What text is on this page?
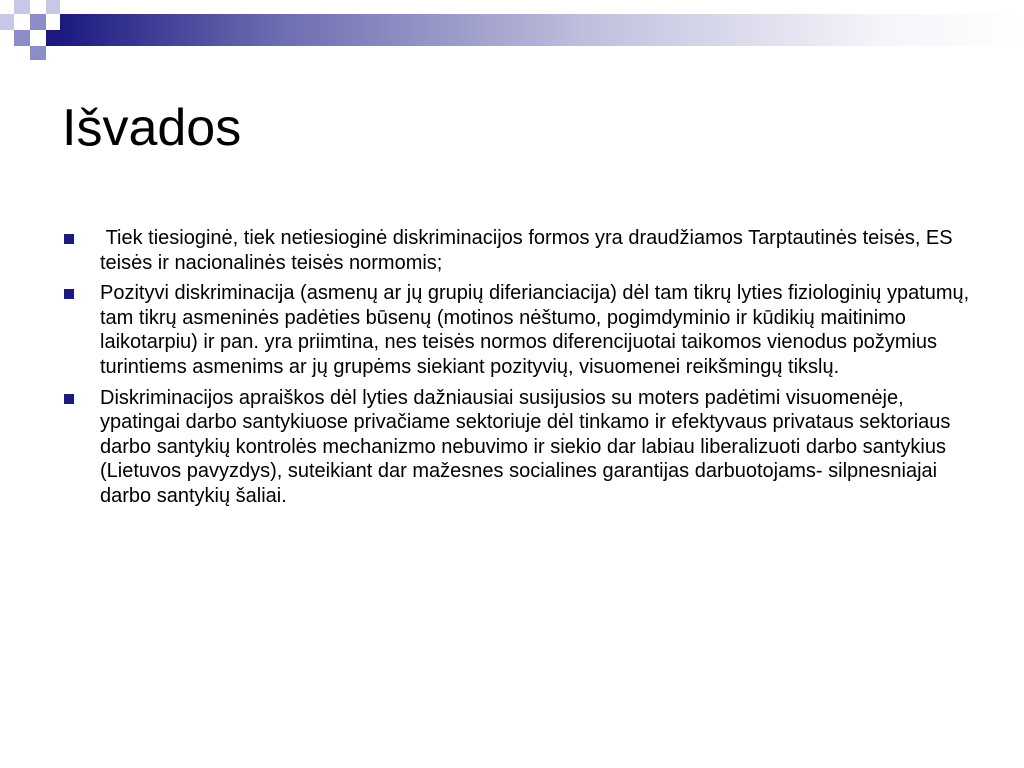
Išvados
Tiek tiesioginė, tiek netiesioginė diskriminacijos formos yra draudžiamos Tarptautinės teisės, ES teisės ir nacionalinės teisės normomis;
Pozityvi diskriminacija (asmenų ar jų grupių diferianciacija) dėl tam tikrų lyties fiziologinių ypatumų, tam tikrų asmeninės padėties būsenų (motinos nėštumo, pogimdyminio ir kūdikių maitinimo laikotarpiu) ir pan. yra priimtina, nes teisės normos diferencijuotai taikomos vienodus požymius turintiems asmenims ar jų grupėms siekiant pozityvių, visuomenei reikšmingų tikslų.
Diskriminacijos apraiškos dėl lyties dažniausiai susijusios su moters padėtimi visuomenėje, ypatingai darbo santykiuose privačiame sektoriuje dėl tinkamo ir efektyvaus privataus sektoriaus darbo santykių kontrolės mechanizmo nebuvimo ir siekio dar labiau liberalizuoti darbo santykius (Lietuvos pavyzdys), suteikiant dar mažesnes socialines garantijas darbuotojams- silpnesniajai darbo santykių šaliai.
